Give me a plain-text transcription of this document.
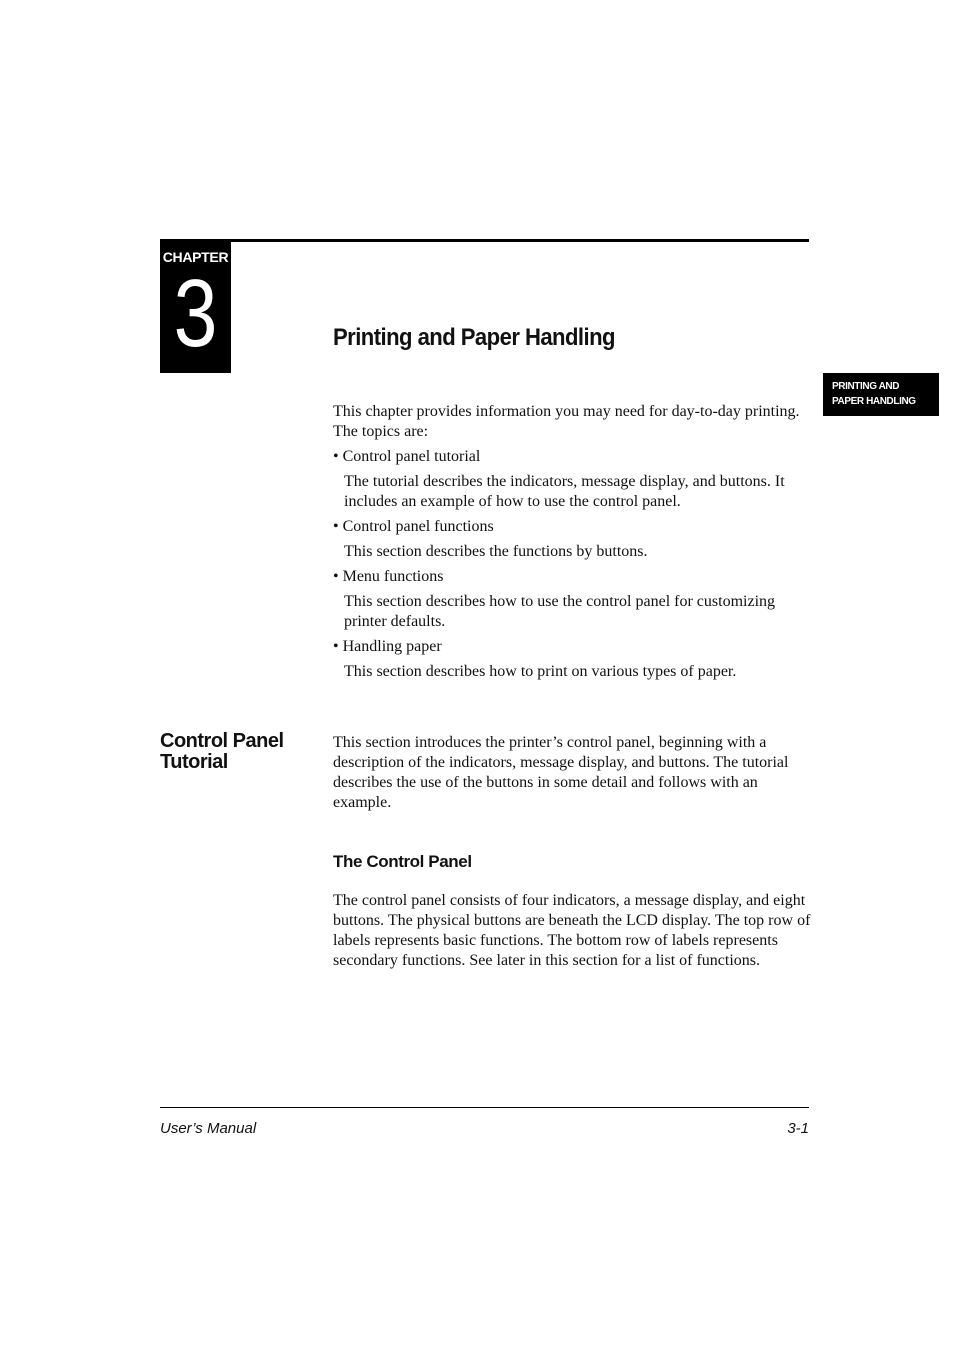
CHAPTER
3	Printing and Paper Handling
PRINTING AND
PAPER HANDLING

This chapter provides information you may need for day-to-day printing. The topics are:

• Control panel tutorial
The tutorial describes the indicators, message display, and buttons. It includes an example of how to use the control panel.
• Control panel functions
This section describes the functions by buttons.
• Menu functions
This section describes how to use the control panel for customizing printer defaults.
• Handling paper
This section describes how to print on various types of paper.
Control Panel Tutorial

This section introduces the printer’s control panel, beginning with a description of the indicators, message display, and buttons. The tutorial describes the use of the buttons in some detail and follows with an example.

The Control Panel

The control panel consists of four indicators, a message display, and eight buttons. The physical buttons are beneath the LCD display. The top row of labels represents basic functions. The bottom row of labels represents secondary functions. See later in this section for a list of functions.

User’s Manual	3-1
